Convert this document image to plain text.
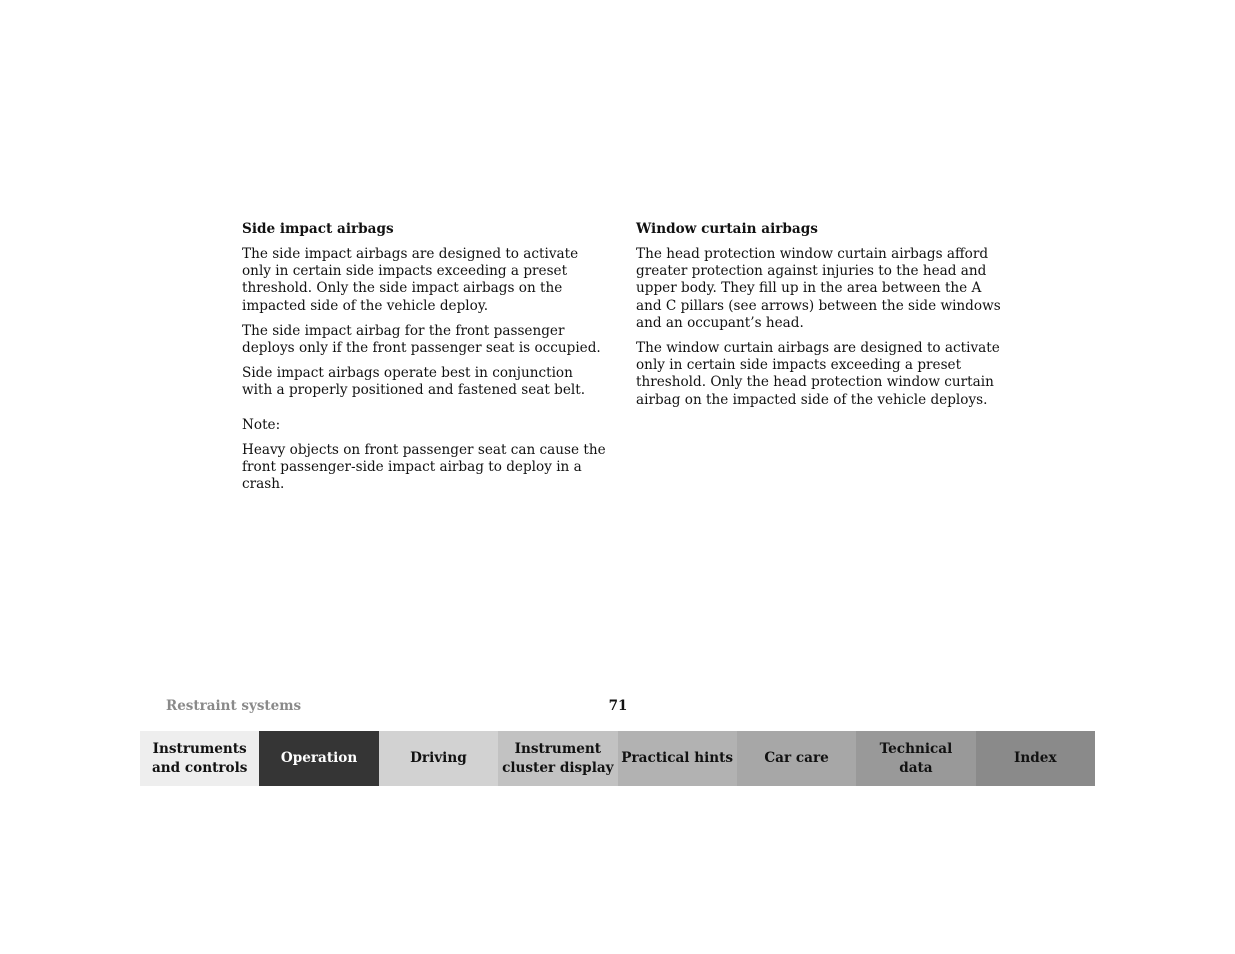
Side impact airbags

The side impact airbags are designed to activate only in certain side impacts exceeding a preset threshold. Only the side impact airbags on the impacted side of the vehicle deploy.

The side impact airbag for the front passenger deploys only if the front passenger seat is occupied.

Side impact airbags operate best in conjunction with a properly positioned and fastened seat belt.

Note:

Heavy objects on front passenger seat can cause the front passenger-side impact airbag to deploy in a crash.

Window curtain airbags

The head protection window curtain airbags afford greater protection against injuries to the head and upper body. They fill up in the area between the A and C pillars (see arrows) between the side windows and an occupant’s head.

The window curtain airbags are designed to activate only in certain side impacts exceeding a preset threshold. Only the head protection window curtain airbag on the impacted side of the vehicle deploys.

Restraint systems	71
Instruments
and controls
Operation	Driving
Instrument
cluster display
Practical hints	Car care
Technical
data
Index
